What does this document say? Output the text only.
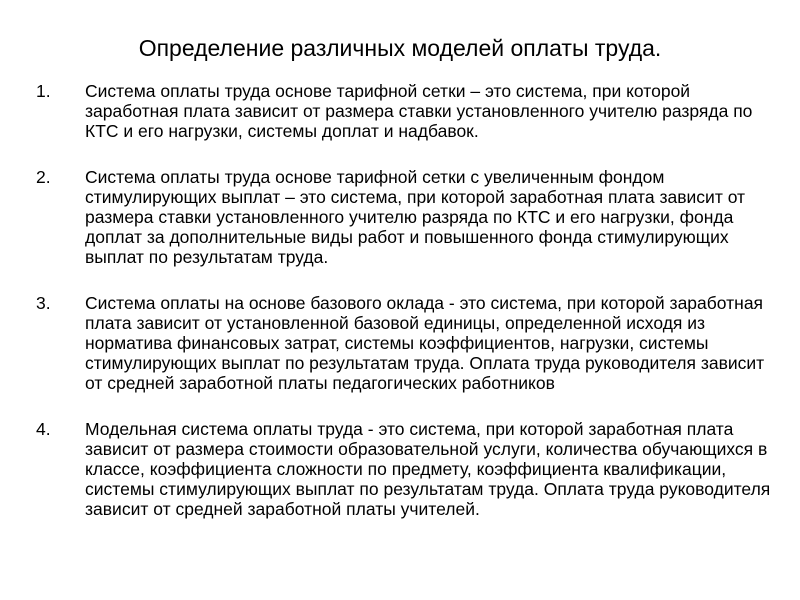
Определение различных моделей оплаты труда.
1.	Система оплаты труда основе тарифной сетки – это система, при которой заработная плата зависит от размера ставки установленного учителю разряда по КТС и его нагрузки, системы доплат и надбавок.
2.	Система оплаты труда основе тарифной сетки с увеличенным фондом стимулирующих выплат – это система, при которой заработная плата зависит от размера ставки установленного учителю разряда по КТС и его нагрузки, фонда доплат за дополнительные виды работ и повышенного фонда стимулирующих выплат по результатам труда.
3.	Система оплаты на основе базового оклада - это система, при которой заработная плата зависит от установленной базовой единицы, определенной исходя из норматива финансовых затрат, системы коэффициентов, нагрузки, системы стимулирующих выплат по результатам труда. Оплата труда руководителя зависит от средней заработной платы педагогических работников
4.	Модельная система оплаты труда - это система, при которой заработная плата зависит от размера стоимости образовательной услуги, количества обучающихся в классе, коэффициента сложности по предмету, коэффициента квалификации, системы стимулирующих выплат по результатам труда. Оплата труда руководителя зависит от средней заработной платы учителей.
